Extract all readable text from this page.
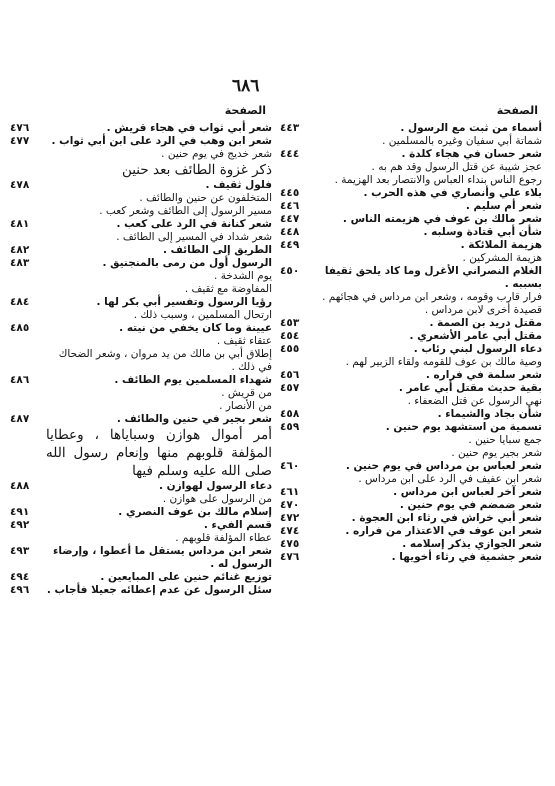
٦٨٦
الصفحة
أسماء من ثبت مع الرسول .
٤٤٣
شماتة أبي سفيان وغيره بالمسلمين .
شعر حسان في هجاء كلدة .
٤٤٤
عجز شيبة عن قتل الرسول وقد هم به .
رجوع الناس بنداء العباس والانتصار بعد الهزيمة .
بلاء علي وأنصاري في هذه الحرب .
٤٤٥
شعر أم سليم .
٤٤٦
شعر مالك بن عوف في هزيمته الناس .
٤٤٧
شأن أبي قتادة وسلبه .
٤٤٨
هزيمة الملائكة .
٤٤٩
هزيمة المشركين .
الغلام النصراني الأغرل وما كاد يلحق ثقيفا بسببه .
٤٥٠
فرار قارب وقومه ، وشعر ابن مرداس في هجائهم .
قصيدة أخرى لابن مرداس .
مقتل دريد بن الصمة .
٤٥٣
مقتل أبي عامر الأشعري .
٤٥٤
دعاء الرسول لبني رئاب .
٤٥٥
وصية مالك بن عوف للقومه ولقاء الزبير لهم .
شعر سلمة في فراره .
٤٥٦
بقية حديث مقتل أبي عامر .
٤٥٧
نهي الرسول عن قتل الضعفاء .
شأن بجاد والشيماء .
٤٥٨
تسمية من استشهد يوم حنين .
٤٥٩
جمع سبايا حنين .
شعر بجير يوم حنين .
شعر لعباس بن مرداس في يوم حنين .
٤٦٠
شعر ابن عفيف في الرد على ابن مرداس .
شعر آخر لعباس ابن مرداس .
٤٦١
شعر ضمضم في يوم حنين .
٤٧٠
شعر أبي خراش في رثاء ابن العجوة .
٤٧٢
شعر ابن عوف في الاعتذار من فراره .
٤٧٤
شعر الجوازي يذكر إسلامه .
٤٧٥
شعر جشمية في رثاء أخويها .
٤٧٦
الصفحة
شعر أبي ثواب في هجاء قريش .
٤٧٦
شعر ابن وهب في الرد على ابن أبي ثواب .
٤٧٧
شعر خديج في يوم حنين .
ذكر غزوة الطائف بعد حنين
فلول ثقيف .
٤٧٨
المتخلفون عن حنين والطائف .
مسير الرسول إلى الطائف وشعر كعب .
شعر كنانة في الرد على كعب .
٤٨١
شعر شداد في المسير إلى الطائف .
الطريق إلى الطائف .
٤٨٢
الرسول أول من رمى بالمنجنيق .
٤٨٣
يوم الشدخة .
المفاوضة مع ثقيف .
رؤيا الرسول وتفسير أبي بكر لها .
٤٨٤
ارتحال المسلمين ، وسبب ذلك .
عيينة وما كان يخفي من نيته .
٤٨٥
عتقاء ثقيف .
إطلاق أبي بن مالك من يد مروان ، وشعر الضحاك في ذلك .
شهداء المسلمين يوم الطائف .
٤٨٦
من قريش .
من الأنصار .
شعر بجير في حنين والطائف .
٤٨٧
أمر أموال هوازن وسباياها ، وعطايا المؤلفة قلوبهم منها وإنعام رسول الله صلى الله عليه وسلم فيها
دعاء الرسول لهوازن .
٤٨٨
من الرسول على هوازن .
إسلام مالك بن عوف النصري .
٤٩١
قسم الفيء .
٤٩٢
عطاء المؤلفة قلوبهم .
شعر ابن مرداس يستقل ما أعطوا ، وإرضاء الرسول له .
٤٩٣
توزيع غنائم حنين على المبايعين .
٤٩٤
سئل الرسول عن عدم إعطائه جعيلا فأجاب .
٤٩٦
